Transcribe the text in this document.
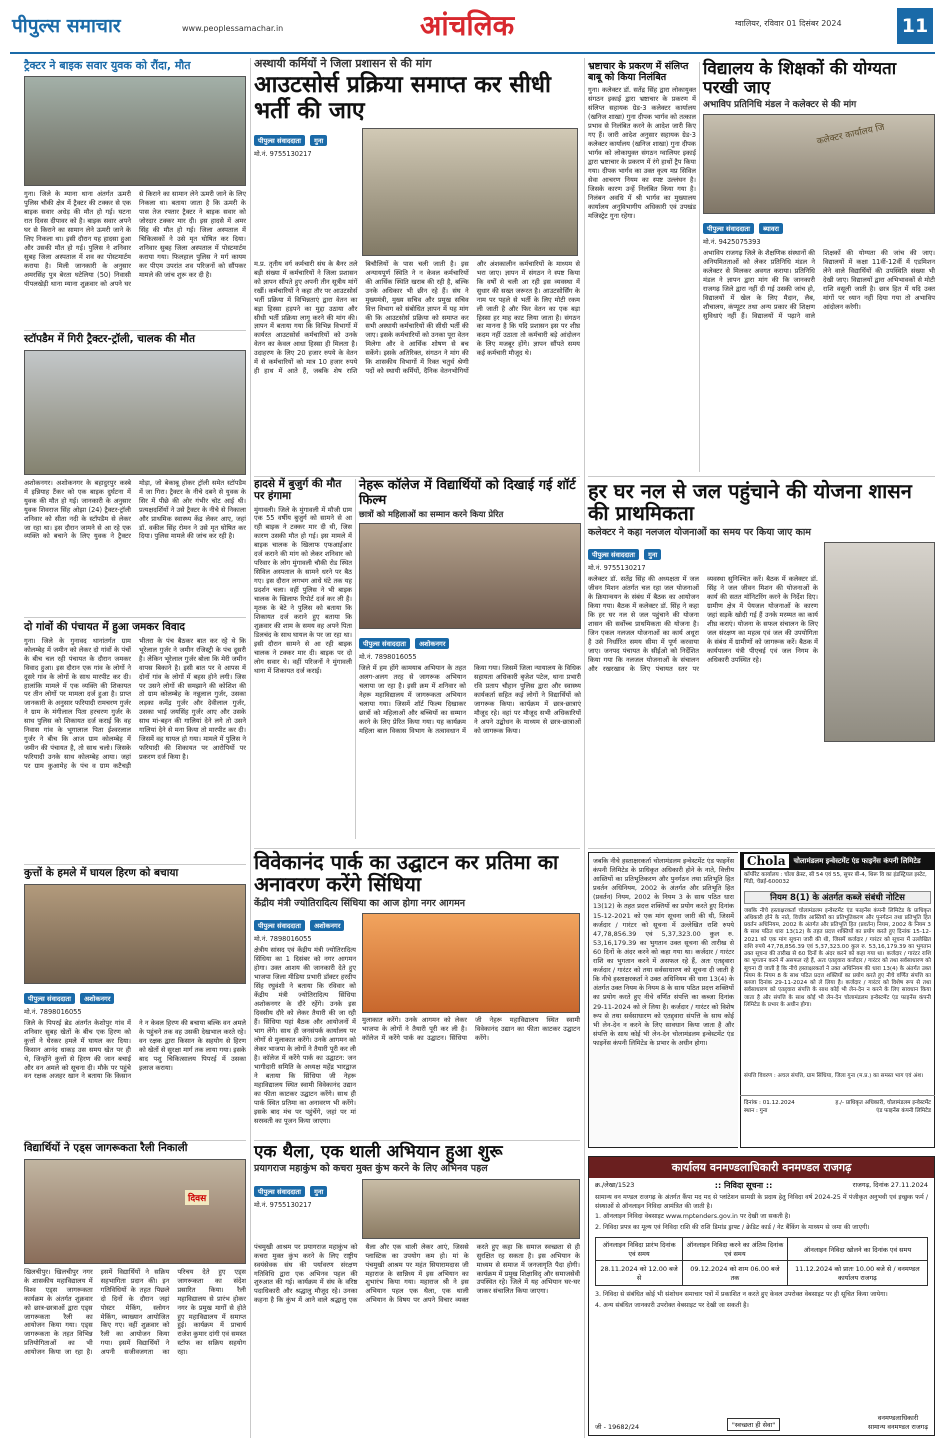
पीपुल्स समाचार	www.peoplessamachar.in	आंचलिक	ग्वालियर, रविवार 01 दिसंबर 2024	11
ट्रैक्टर ने बाइक सवार युवक को रौंदा, मौत
गुना। जिले के म्याना थाना अंतर्गत ऊमरी पुलिस चौकी क्षेत्र में ट्रैक्टर की टक्कर से एक बाइक सवार अधेड़ की मौत हो गई। घटना रात दिवस दीपावर को है। बाइक सवार अपने घर से किराने का सामान लेने ऊमरी जाने के लिए निकला था। इसी दौरान यह हादसा हुआ और उसकी मौत हो गई। पुलिस ने शनिवार सुबह जिला अस्पताल में शव का पोस्टमार्टम कराया है। मिली जानकारी के अनुसार अमरसिंह पुत्र बेरता घटेलिया (50) निवासी पीपलखेड़ी थाना म्याना शुक्रवार को अपने घर से किराने का सामान लेने ऊमरी जाने के लिए निकला था। बताया जाता है कि ऊमरी के पास तेज रफ्तार ट्रैक्टर ने बाइक सवार को जोरदार टक्कर मार दी। इस हादसे में अमर सिंह की मौत हो गई। जिला अस्पताल में चिकित्सकों ने उसे मृत घोषित कर दिया। शनिवार सुबह जिला अस्पताल में पोस्टमार्टम कराया गया। फिलहाल पुलिस ने मर्ग कायम कर पीएम उपरांत शव परिजनों को सौंपकर मामले की जांच शुरू कर दी है।
स्टॉपडैम में गिरी ट्रैक्टर-ट्रॉली, चालक की मौत
अशोकनगर। अशोकनगर के बहादुरपुर कस्बे में इन्नियाह टैंकर को एक बाइक दुर्घटना में युवक की मौत हो गई। जानकारी के अनुसार युवक शिवराज सिंह ओझा (24) ट्रैक्टर-ट्रॉली शनिवार को सीता नदी के स्टॉपडैम से लेकर जा रहा था। इस दौरान जामने से आ रहे एक व्यक्ति को बचाने के लिए युवक ने ट्रैक्टर मोड़ा, जो बेकाबू होकर ट्रॉली समेत स्टॉपडैम में जा गिरा। ट्रैक्टर के नीचे दबने से युवक के सिर में पीछे की ओर गंभीर चोट आई थी। प्रत्यक्षदर्शियों ने उसे ट्रैक्टर के नीचे से निकाला और प्राथमिक स्वास्थ्य केंद्र लेकर आए, जहां डॉ. वकील सिंह रोमन ने उसे मृत घोषित कर दिया। पुलिस मामले की जांच कर रही है।
दो गांवों की पंचायत में हुआ जमकर विवाद
गुना। जिले के गुनावद थानांतर्गत ग्राम कोलम्बेह में जमीन को लेकर दो गांवों के पंचों के बीच चल रही पंचायत के दौरान जमकर विवाद हुआ। इस दौरान एक गांव के लोगों ने दूसरे गांव के लोगों के साथ मारपीट कर दी। हालांकि मामले में एक व्यक्ति की शिकायत पर तीन लोगों पर मामला दर्ज हुआ है। प्राप्त जानकारी के अनुसार फरियादी रामचरण गुर्जर ने ग्राम के मंगीलाल पिता हरचरण गुर्जर के साथ पुलिस को शिकायत दर्ज कराई कि वह निवास गांव के भूगालाल पिता ईश्वरलाल गुर्जर ने बीच कि आज ग्राम कोलम्बेह में जमीन की पंचायत है, तो साथ चलो। जिसके फरियादी उनके साथ कोलम्बेह आया। जहां पर ग्राम कुआमेह के पंच व ग्राम कटैचड़ी भीतरा के पंच बैठकर बात कर रहे थे कि भूरेलाल गुर्जर ने जमीन रजिस्ट्री के पंच दूसरी है। लेकिन भूरेलाल गुर्जर बोला कि मेरी जमीन वापस बिकाने है। इसी बात पर वे आपस में दोनों गांव के लोगों में बहस होने लगी। जिस पर उसने लोगों की समझाने की कोशिश की तो ग्राम कोलम्बेह के नन्नूलाल गुर्जर, उसका लड़का कमेंद्र गुर्जर और देवीलाल गुर्जर, उसका भाई जयसिंह गुर्जर आए और उसके साथ मां-बहन की गालियां देने लगे तो उसने गालियां देने से मना किया तो मारपीट कर दी। जिसमें वह घायल हो गया। मामले में पुलिस ने फरियादी की शिकायत पर आरोपियों पर प्रकरण दर्ज किया है।
कुत्तों के हमले में घायल हिरण को बचाया
पीपुल्स संवाददाता अशोकनगर
मो.नं. 7898016055
जिले के पिपरई ब्रेड अंतर्गत केशोपुर गांव में शनिवार सुबह खेतों के बीच एक हिरण को कुत्तों ने घेरकर हमले में घायल कर दिया। किसान आनंद धाकड़ उस समय खेत पर ही थे, जिन्होंने कुत्तों से हिरण की जान बचाई और वन अमले को सूचना दी। मौके पर पहुंचे वन रक्षक अजहर खान ने बताया कि किसान ने न केवल हिरण की बचाया बल्कि वन अमले के पहुंचने तक वह उसकी देखभाल करते रहे। वन रक्षक द्वारा किसान के सहयोग से हिरण को खेतों से सुरक्षा मार्ग तक लाया गया। इसके बाद पशु चिकित्सालय पिपरई में उसका इलाज कराया।
विद्यार्थियों ने एड्स जागरूकता रैली निकाली
दिवस
खिलचीपुर। खिलचीपुर नगर के शासकीय महाविद्यालय में विश्व एड्स जागरूकता कार्यक्रम के अंतर्गत शुक्रवार को छात्र-छात्राओं द्वारा एड्स जागरूकता रैली का आयोजन किया गया। एड्स जागरूकता के तहत विभिन्न प्रतियोगिताओं का भी आयोजन किया जा रहा है। इसमें विद्यार्थियों ने सक्रिय सहभागिता प्रदान की। इन गतिविधियों के तहत पिछले दो दिनों के दौरान जहां पोस्टर मेकिंग, स्लोगन मेकिंग, व्याख्यान आयोजित किए गए। वहीं शुक्रवार को रैली का आयोजन किया गया। इसमें विद्यार्थियों ने अपनी सजीवजगता का परिचय देते हुए एड्स जागरूकता का संदेश प्रसारित किया। रैली महाविद्यालय से प्रारंभ होकर नगर के प्रमुख मार्गों से होते हुए महाविद्यालय में समाप्त हुई। कार्यक्रम में प्राचार्य राजेश कुमार दांगी एवं समस्त स्टॉफ का सक्रिय सहयोग रहा।
अस्थायी कर्मियों ने जिला प्रशासन से की मांग
आउटसोर्स प्रक्रिया समाप्त कर सीधी भर्ती की जाए
पीपुल्स संवाददाता गुना
मो.नं. 9755130217
म.प्र. तृतीय वर्ग कर्मचारी संघ के बैनर तले बड़ी संख्या में कर्मचारियों ने जिला प्रशासन को ज्ञापन सौंपते हुए अपनी तीन सूत्रीय मांगें रखीं। कर्मचारियों ने कहा तौर पर आउटसोर्स भर्ती प्रक्रिया में विभिन्नताएं द्वारा वेतन का बड़ा हिस्सा हड़पने का मुद्दा उठाया और सीधी भर्ती प्रक्रिया लागू करने की मांग की। ज्ञापन में बताया गया कि विभिन्न विभागों में कार्यरत आउटसोर्स कर्मचारियों को उनके वेतन का केवल आधा हिस्सा ही मिलता है। उदाहरण के लिए 20 हजार रुपये के वेतन में से कर्मचारियों को मात्र 10 हजार रुपये ही हाथ में आते हैं, जबकि शेष राशि बिचौलियों के पास चली जाती है। इस अन्यायपूर्ण स्थिति ने न केवल कर्मचारियों की आर्थिक स्थिति खराब की रही है, बल्कि उनके अधिकार भी छीन रहे हैं। संघ ने मुख्यमंत्री, मुख्य सचिव और प्रमुख सचिव वित्त विभाग को संबोधित ज्ञापन में यह मांग की कि आउटसोर्स प्रक्रिया को समाप्त कर सभी अस्थायी कर्मचारियों की सीधी भर्ती की जाए। इसके कर्मचारियों को उनका पूरा वेतन मिलेगा और वे आर्थिक शोषण से बच सकेंगे। इसके अतिरिक्त, संगठन ने मांग की कि शासकीय विभागों में रिक्त चतुर्थ श्रेणी पदों को स्थायी कर्मियों, दैनिक वेतनभोगियों और अंशकालीन कर्मचारियों के माध्यम से भरा जाए। ज्ञापन में संगठन ने स्पष्ट किया कि वर्षों से चली आ रही इस व्यवस्था में सुधार की सख्त जरूरत है। आउटसोर्सिंग के नाम पर पहले से भर्ती के लिए मोटी रकम ली जाती है और फिर वेतन का एक बड़ा हिस्सा हर माह काट लिया जाता है। संगठन का मानना है कि यदि प्रशासन इस पर शीघ्र कदम नहीं उठाता तो कर्मचारी बड़े आंदोलन के लिए मजबूर होंगे। ज्ञापन सौंपते समय कई कर्मचारी मौजूद थे।
हादसे में बुजुर्ग की मौत पर हंगामा
मुंगावली। जिले के मुंगावली में मौजी ग्राम एक 55 वर्षीय बुजुर्ग को सामने से आ रही बाइक ने टक्कर मार दी थी, जिस कारण उसकी मौत हो गई। इस मामले में बाइक चालक के खिलाफ एफआईआर दर्ज कराने की मांग को लेकर शनिवार को परिवार के लोग मुंगावली चौकी रोड स्थित सिविल अस्पताल के सामने धरने पर बैठ गए। इस दौरान लगभग आधे घंटे तक यह प्रदर्शन चला। वहीं पुलिस ने भी बाइक चालक के खिलाफ रिपोर्ट दर्ज कर ली है। मृतक के बेटे ने पुलिस को बताया कि शिकायत दर्ज कराने हुए बताया कि शुक्रवार की शाम के समय वह अपने पिता डिलचंद के साथ घायल के पर जा रहा था। इसी दौरान सामने से आ रही बाइक चालक ने टक्कर मार दी। बाइक पर दो लोग सवार थे। वहीं परिजनों ने मुंगावली थाना में शिकायत दर्ज कराई।
नेहरू कॉलेज में विद्यार्थियों को दिखाई गई शॉर्ट फिल्म
छात्रों को महिलाओं का सम्मान करने किया प्रेरित
पीपुल्स संवाददाता अशोकनगर
मो.नं. 7898016055
जिले में हम होंगे कामयाब अभियान के तहत अलग-अलग तरह से जागरूक अभियान चलाया जा रहा है। इसी क्रम में शनिवार को नेहरू महाविद्यालय में जागरूकता अभियान चलाया गया। जिसमें शॉर्ट फिल्म दिखाकर छात्रों को महिलाओं और बच्चियों का सम्मान करने के लिए प्रेरित किया गया। यह कार्यक्रम महिला बाल विकास विभाग के तत्वावधान में किया गया। जिसमें जिला न्यायालय के विधिक सहायता अधिकारी बृजेश पटेल, थाना प्रभारी रवि प्रताप चौहान पुलिस द्वारा और स्वास्थ्य कार्यकर्ता सहित कई लोगों ने विद्यार्थियों को जागरूक किया। कार्यक्रम में छात्र-छात्राएं मौजूद रहे। वहां पर मौजूद सभी अधिकारियों ने अपने उद्बोधन के माध्यम से छात्र-छात्राओं को जागरूक किया।
विवेकानंद पार्क का उद्घाटन कर प्रतिमा का अनावरण करेंगे सिंधिया
केंद्रीय मंत्री ज्योतिरादित्य सिंधिया का आज होगा नगर आगमन
पीपुल्स संवाददाता अशोकनगर
मो.नं. 7898016055
क्षेत्रीय सांसद एवं केंद्रीय मंत्री ज्योतिरादित्य सिंधिया का 1 दिसंबर को नगर आगमन होगा। उक्त आशय की जानकारी देते हुए भाजपा जिला मीडिया प्रभारी डॉक्टर हरदीप सिंह रघुवंशी ने बताया कि रविवार को केंद्रीय मंत्री ज्योतिरादित्य सिंधिया अशोकनगर के दौरे रहेंगे। उनके इस दिवसीय दौरे को लेकर तैयारी की जा रही हैं। सिंधिया यहां बैठक और आयोजनों में भाग लेंगे। साथ ही जनसंपर्क कार्यालय पर लोगों से मुलाकात करेंगे। उनके आगमन को लेकर भाजपा के लोगों ने तैयारी पूरी कर ली है। कॉलेज में करेंगे पार्क का उद्घाटन: जन भागीदारी समिति के अध्यक्ष महेंद्र भारद्वाज ने बताया कि सिंधिया जी नेहरू महाविद्यालय स्थित स्वामी विवेकानंद उद्यान का फीता काटकर उद्घाटन करेंगे। साथ ही पार्क स्थित प्रतिमा का अनावरण भी करेंगे। इसके बाद मंच पर पहुंचेंगे, जहां पर मां सरस्वती का पूजन किया जाएगा।
मुलाकात करेंगे। उनके आगमन को लेकर भाजपा के लोगों ने तैयारी पूरी कर ली है। कॉलेज में करेंगे पार्क का उद्घाटन। सिंधिया जी नेहरू महाविद्यालय स्थित स्वामी विवेकानंद उद्यान का फीता काटकर उद्घाटन करेंगे।
एक थैला, एक थाली अभियान हुआ शुरू
प्रयागराज महाकुंभ को कचरा मुक्त कुंभ करने के लिए अभिनव पहल
पीपुल्स संवाददाता गुना
मो.नं. 9755130217
पंचमुखी आश्रम पर प्रयागराज महाकुंभ को कचरा मुक्त कुंभ करने के लिए राष्ट्रीय स्वयंसेवक संघ की पर्यावरण संरक्षण गतिविधि द्वारा एक अभिनव पहल की शुरुआत की गई। कार्यक्रम में संघ के वरिष्ठ पदाधिकारी और श्रद्धालु मौजूद रहे। उनका कहना है कि कुंभ में आने वाले श्रद्धालु एक थैला और एक थाली लेकर आएं, जिससे प्लास्टिक का उपयोग कम हो। मां के पंचमुखी आश्रम पर महंत सियारामदास जी महाराज के सान्निध्य में इस अभियान का शुभारंभ किया गया। महाराज श्री ने इस अभियान पहल एक थैला, एक थाली अभियान के विषय पर अपने विचार व्यक्त करते हुए कहा कि समाज स्वच्छता से ही सुरक्षित रह सकता है। इस अभियान के माध्यम से समाज में जनजागृति पैदा होगी। कार्यक्रम में प्रमुख शिक्षाविद् और समाजसेवी उपस्थित रहे। जिले में यह अभियान घर-घर जाकर संचालित किया जाएगा।
भ्रष्टाचार के प्रकरण में संलिप्त बाबू को किया निलंबित
गुना। कलेक्टर डॉ. सतेंद्र सिंह द्वारा लोकायुक्त संगठन इकाई द्वारा भ्रष्टाचार के प्रकरण में संलिप्त सहायक ग्रेड-3 कलेक्टर कार्यालय (खनिज शाखा) गुना दीपक भार्गव को तत्काल प्रभाव से निलंबित करने के आदेश जारी किए गए हैं। जारी आदेश अनुसार सहायक ग्रेड-3 कलेक्टर कार्यालय (खनिज शाखा) गुना दीपक भार्गव को लोकायुक्त संगठन ग्वालियर इकाई द्वारा भ्रष्टाचार के प्रकरण में रंगे हाथों ट्रैप किया गया। दीपक भार्गव का उक्त कृत्य मप्र सिविल सेवा आचरण नियम का स्पष्ट उल्लंघन है। जिसके कारण उन्हें निलंबित किया गया है। निलंबन अवधि में श्री भार्गव का मुख्यालय कार्यालय अनुविभागीय अधिकारी एवं उपखंड मजिस्ट्रेट गुना रहेगा।
विद्यालय के शिक्षकों की योग्यता परखी जाए
अभाविप प्रतिनिधि मंडल ने कलेक्टर से की मांग
कलेक्टर कार्यालय जि
पीपुल्स संवाददाता ब्यावरा
मो.नं. 9425075393
अभाविप राजगढ़ जिले के शैक्षणिक संस्थानों की अनियमितताओं को लेकर प्रतिनिधि मंडल ने कलेक्टर से मिलकर अवगत कराया। प्रतिनिधि मंडल ने ज्ञापन द्वारा मांग की कि जानकारी राजगढ़ जिले द्वारा नहीं दी गई उसकी जांच हो, विद्यालयों में खेल के लिए मैदान, लैब, शौचालय, कंप्यूटर तथा अन्य प्रकार की शिक्षण सुविधाएं नहीं हैं। विद्यालयों में पढ़ाने वाले शिक्षकों की योग्यता की जांच की जाए। विद्यालयों में कक्षा 11वीं-12वीं में एडमिशन लेने वाले विद्यार्थियों की उपस्थिति संख्या भी देखी जाए। विद्यालयों द्वारा अभिभावकों से मोटी राशि वसूली जाती है। छात्र हित में यदि उक्त मांगों पर ध्यान नहीं दिया गया तो अभाविप आंदोलन करेगी।
हर घर नल से जल पहुंचाने की योजना शासन की प्राथमिकता
कलेक्टर ने कहा नलजल योजनाओं का समय पर किया जाए काम
पीपुल्स संवाददाता गुना
मो.नं. 9755130217
कलेक्टर डॉ. सतेंद्र सिंह की अध्यक्षता में जल जीवन मिशन अंतर्गत चल रहा जल योजनाओं के क्रियान्वयन के संबंध में बैठक का आयोजन किया गया। बैठक में कलेक्टर डॉ. सिंह ने कहा कि हर घर नल से जल पहुंचाने की योजना शासन की सर्वोच्च प्राथमिकता की योजना है। जिन एकल नलजल योजनाओं का कार्य अधूरा है उसे निर्धारित समय सीमा में पूर्ण करवाया जाए। जनपद पंचायत के सीईओ को निर्देशित किया गया कि नलजल योजनाओं के संचालन और रखरखाव के लिए पंचायत स्तर पर व्यवस्था सुनिश्चित करें। बैठक में कलेक्टर डॉ. सिंह ने जल जीवन मिशन की योजनाओं के कार्य की सतत मॉनिटरिंग करने के निर्देश दिए। ग्रामीण क्षेत्र में पेयजल योजनाओं के कारण जहां सड़कें खोदी गई हैं उनके मरम्मत का कार्य शीघ्र कराएं। योजना के सफल संचालन के लिए जल संरक्षण का महत्व एवं जल की उपयोगिता के संबंध में ग्रामीणों को जागरूक करें। बैठक में कार्यपालन यंत्री पीएचई एवं जल निगम के अधिकारी उपस्थित रहे।
Chola	चोलामंडलम इन्वेस्टमेंट एंड फाइनेंस कंपनी लिमिटेड
कॉर्पोरेट कार्यालय : चोला क्रेस्ट, सी 54 एवं 55, सुपर बी-4, थिरू वि का इंडस्ट्रियल इस्टेट, गिंडी, चेन्नई-600032
नियम 8(1) के अंतर्गत कब्जे संबंधी नोटिस
जबकि नीचे हस्ताक्षरकर्ता चोलामंडलम इन्वेस्टमेंट एंड फाइनेंस कंपनी लिमिटेड के प्राधिकृत अधिकारी होने के नाते, वित्तीय आस्तियों का प्रतिभूतिकरण और पुनर्गठन तथा प्रतिभूति हित प्रवर्तन अधिनियम, 2002 के अंतर्गत और प्रतिभूति हित (प्रवर्तन) नियम, 2002 के नियम 3 के साथ पठित धारा 13(12) के तहत प्रदत्त शक्तियों का प्रयोग करते हुए दिनांक 15-12-2021 को एक मांग सूचना जारी की थी, जिसमें कर्जदार / गारंटर को सूचना में उल्लेखित राशि रुपये 47,78,856.39 एवं 5,37,323.00 कुल रु. 53,16,179.39 का भुगतान उक्त सूचना की तारीख से 60 दिनों के अंदर करने को कहा गया था। कर्जदार / गारंटर राशि का भुगतान करने में असफल रहे हैं, अतः एतद्द्वारा कर्जदार / गारंटर को तथा सर्वसाधारण को सूचना दी जाती है कि नीचे हस्ताक्षरकर्ता ने उक्त अधिनियम की धारा 13(4) के अंतर्गत उक्त नियम के नियम 8 के साथ पठित प्रदत्त शक्तियों का प्रयोग करते हुए नीचे वर्णित संपत्ति का कब्जा दिनांक 29-11-2024 को ले लिया है। कर्जदार / गारंटर को विशेष रूप से तथा सर्वसाधारण को एतद्द्वारा संपत्ति के साथ कोई भी लेन-देन न करने के लिए सावधान किया जाता है और संपत्ति के साथ कोई भी लेन-देन चोलामंडलम इन्वेस्टमेंट एंड फाइनेंस कंपनी लिमिटेड के प्रभार के अधीन होगा।
संपत्ति विवरण : अचल संपत्ति, ग्राम सिंधिया, जिला गुना (म.प्र.) का समस्त भाग एवं अंश।
दिनांक : 01.12.2024
स्थान : गुना
ह./- प्राधिकृत अधिकारी, चोलामंडलम इन्वेस्टमेंट एंड फाइनेंस कंपनी लिमिटेड
जबकि नीचे हस्ताक्षरकर्ता चोलामंडलम इन्वेस्टमेंट एंड फाइनेंस कंपनी लिमिटेड के प्राधिकृत अधिकारी होने के नाते, वित्तीय आस्तियों का प्रतिभूतिकरण और पुनर्गठन तथा प्रतिभूति हित प्रवर्तन अधिनियम, 2002 के अंतर्गत और प्रतिभूति हित (प्रवर्तन) नियम, 2002 के नियम 3 के साथ पठित धारा 13(12) के तहत प्रदत्त शक्तियों का प्रयोग करते हुए दिनांक 15-12-2021 को एक मांग सूचना जारी की थी, जिसमें कर्जदार / गारंटर को सूचना में उल्लेखित राशि रुपये 47,78,856.39 एवं 5,37,323.00 कुल रु. 53,16,179.39 का भुगतान उक्त सूचना की तारीख से 60 दिनों के अंदर करने को कहा गया था। कर्जदार / गारंटर राशि का भुगतान करने में असफल रहे हैं, अतः एतद्द्वारा कर्जदार / गारंटर को तथा सर्वसाधारण को सूचना दी जाती है कि नीचे हस्ताक्षरकर्ता ने उक्त अधिनियम की धारा 13(4) के अंतर्गत उक्त नियम के नियम 8 के साथ पठित प्रदत्त शक्तियों का प्रयोग करते हुए नीचे वर्णित संपत्ति का कब्जा दिनांक 29-11-2024 को ले लिया है। कर्जदार / गारंटर को विशेष रूप से तथा सर्वसाधारण को एतद्द्वारा संपत्ति के साथ कोई भी लेन-देन न करने के लिए सावधान किया जाता है और संपत्ति के साथ कोई भी लेन-देन चोलामंडलम इन्वेस्टमेंट एंड फाइनेंस कंपनी लिमिटेड के प्रभार के अधीन होगा।
कार्यालय वनमण्डलाधिकारी वनमण्डल राजगढ़
क्र./लेखा/1523	:: निविदा सूचना ::	राजगढ़, दिनांक 27.11.2024
सामान्य वन मण्डल राजगढ़ के अंतर्गत कैंपा मद मद से प्लांटेशन सामग्री के प्रदाय हेतु निविदा वर्ष 2024-25 में पंजीकृत अनुभवी एवं इच्छुक फर्म / संस्थाओं से ऑनलाइन निविदा आमंत्रित की जाती है।
1. ऑनलाइन निविदा वेबसाइट www.mptenders.gov.in पर देखी जा सकती है।
2. निविदा प्रपत्र का मूल्य एवं निविदा राशि की राशि डिमांड ड्राफ्ट / क्रेडिट कार्ड / नेट बैंकिंग के माध्यम से जमा की जाएगी।
ऑनलाइन निविदा प्रारंभ दिनांक एवं समय	ऑनलाइन निविदा करने का अंतिम दिनांक एवं समय	ऑनलाइन निविदा खोलने का दिनांक एवं समय
28.11.2024 को 12.00 बजे से	09.12.2024 को शाम 06.00 बजे तक	11.12.2024 को प्रातः 10.00 बजे से / वनमण्डल कार्यालय राजगढ़
3. निविदा से संबंधित कोई भी संशोधन समाचार पत्रों में प्रकाशित न करते हुए केवल उपरोक्त वेबसाइट पर ही सूचित किया जायेगा।
4. अन्य संबंधित जानकारी उपरोक्त वेबसाइट पर देखी जा सकती है।
जी - 19682/24	"स्वच्छता ही सेवा"
वनमण्डलाधिकारी
सामान्य वनमण्डल राजगढ़
